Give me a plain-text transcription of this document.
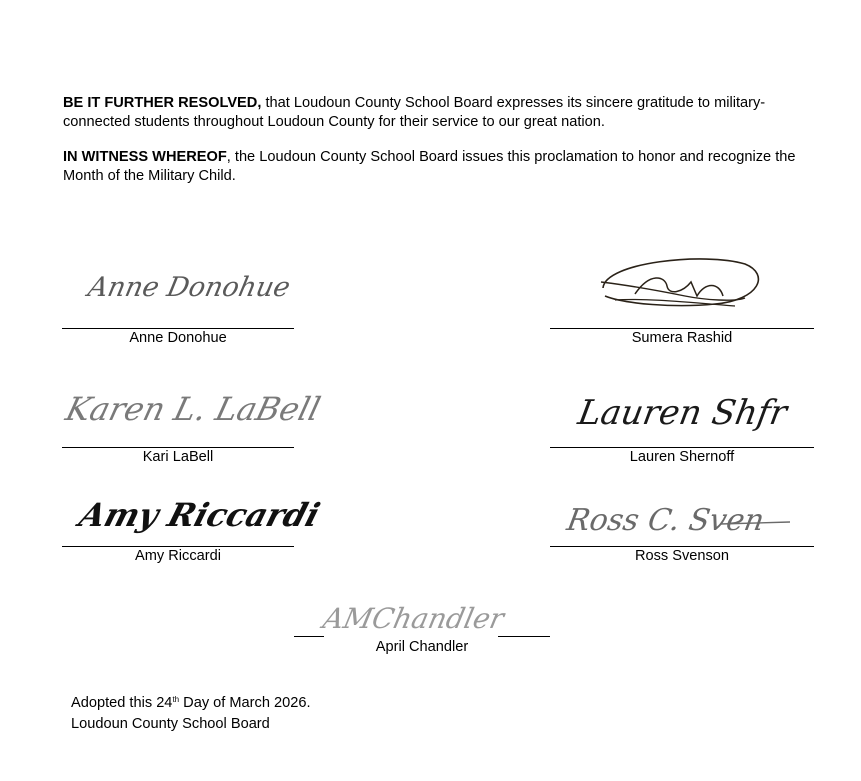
BE IT FURTHER RESOLVED, that Loudoun County School Board expresses its sincere gratitude to military-connected students throughout Loudoun County for their service to our great nation.

IN WITNESS WHEREOF, the Loudoun County School Board issues this proclamation to honor and recognize the Month of the Military Child.

Anne Donohue
Anne Donohue	Sumera Rashid
Karen L. LaBell
Kari LaBell
Lauren Shfr
Lauren Shernoff
Amy Riccardi
Amy Riccardi
Ross C. Sven
Ross Svenson
AMChandler
April Chandler
Adopted this 24th Day of March 2026.
Loudoun County School Board
